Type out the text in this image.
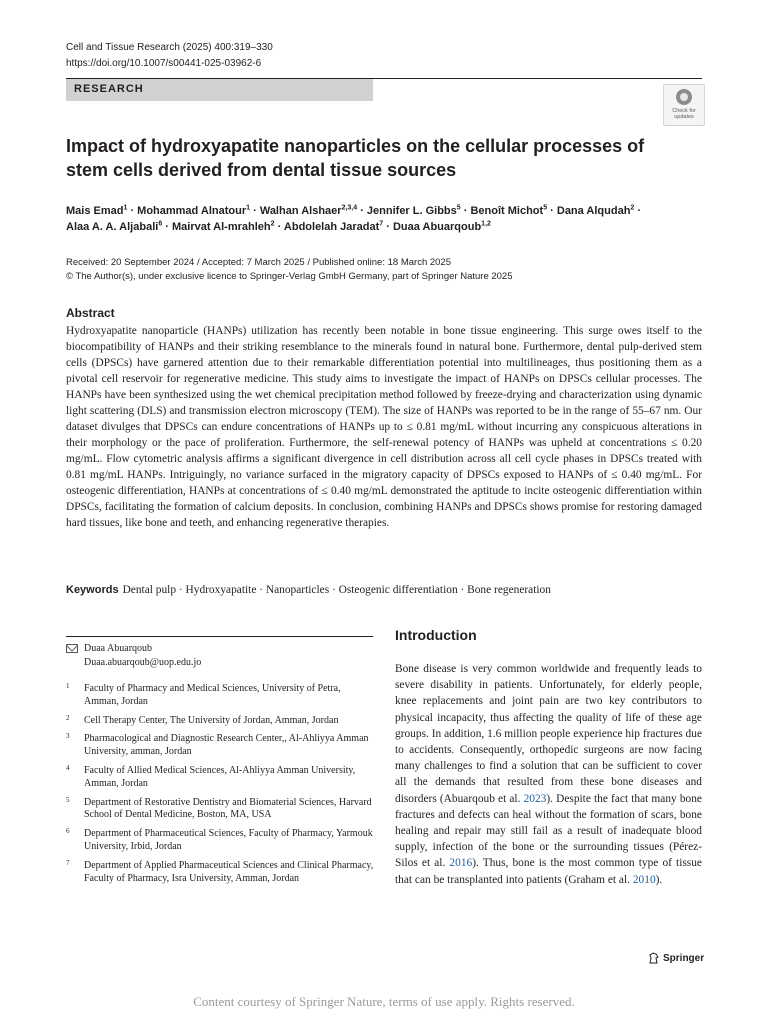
Cell and Tissue Research (2025) 400:319–330
https://doi.org/10.1007/s00441-025-03962-6
RESEARCH
Check for
updates
Impact of hydroxyapatite nanoparticles on the cellular processes of stem cells derived from dental tissue sources
Mais Emad$^1$ · Mohammad Alnatour$^1$ · Walhan Alshaer$^{2,3,4}$ · Jennifer L. Gibbs$^5$ · Benoît Michot$^5$ · Dana Alqudah$^2$ ·
Alaa A. A. Aljabali$^6$ · Mairvat Al-mrahleh$^2$ · Abdolelah Jaradat$^7$ · Duaa Abuarqoub$^{1,2}$
Received: 20 September 2024 / Accepted: 7 March 2025 / Published online: 18 March 2025
© The Author(s), under exclusive licence to Springer-Verlag GmbH Germany, part of Springer Nature 2025
Abstract
Hydroxyapatite nanoparticle (HANPs) utilization has recently been notable in bone tissue engineering. This surge owes itself to the biocompatibility of HANPs and their striking resemblance to the minerals found in natural bone. Furthermore, dental pulp-derived stem cells (DPSCs) have garnered attention due to their remarkable differentiation potential into multilineages, thus positioning them as a pivotal cell reservoir for regenerative medicine. This study aims to investigate the impact of HANPs on DPSCs cellular processes. The HANPs have been synthesized using the wet chemical precipitation method followed by freeze-drying and characterization using dynamic light scattering (DLS) and transmission electron microscopy (TEM). The size of HANPs was reported to be in the range of 55–67 nm. Our dataset divulges that DPSCs can endure concentrations of HANPs up to ≤ 0.81 mg/mL without incurring any conspicuous alterations in their morphology or the pace of proliferation. Furthermore, the self-renewal potency of HANPs was upheld at concentrations ≤ 0.20 mg/mL. Flow cytometric analysis affirms a significant divergence in cell distribution across all cell cycle phases in DPSCs treated with 0.81 mg/mL HANPs. Intriguingly, no variance surfaced in the migratory capacity of DPSCs exposed to HANPs of ≤ 0.40 mg/mL. For osteogenic differentiation, HANPs at concentrations of ≤ 0.40 mg/mL demonstrated the aptitude to incite osteogenic differentiation within DPSCs, facilitating the formation of calcium deposits. In conclusion, combining HANPs and DPSCs shows promise for restoring damaged hard tissues, like bone and teeth, and enhancing regenerative therapies.
Keywords Dental pulp · Hydroxyapatite · Nanoparticles · Osteogenic differentiation · Bone regeneration
Duaa Abuarqoub
Duaa.abuarqoub@uop.edu.jo
1 Faculty of Pharmacy and Medical Sciences, University of Petra, Amman, Jordan
2 Cell Therapy Center, The University of Jordan, Amman, Jordan
3 Pharmacological and Diagnostic Research Center,, Al-Ahliyya Amman University, amman, Jordan
4 Faculty of Allied Medical Sciences, Al-Ahliyya Amman University, Amman, Jordan
5 Department of Restorative Dentistry and Biomaterial Sciences, Harvard School of Dental Medicine, Boston, MA, USA
6 Department of Pharmaceutical Sciences, Faculty of Pharmacy, Yarmouk University, Irbid, Jordan
7 Department of Applied Pharmaceutical Sciences and Clinical Pharmacy, Faculty of Pharmacy, Isra University, Amman, Jordan
Introduction
Bone disease is very common worldwide and frequently leads to severe disability in patients. Unfortunately, for elderly people, knee replacements and joint pain are two key contributors to physical incapacity, thus affecting the quality of life of these age groups. In addition, 1.6 million people experience hip fractures due to accidents. Consequently, orthopedic surgeons are now facing many challenges to find a solution that can be sufficient to cover all the demands that resulted from these bone diseases and disorders (Abuarqoub et al. 2023). Despite the fact that many bone fractures and defects can heal without the formation of scars, bone healing and repair may still fail as a result of inadequate blood supply, infection of the bone or the surrounding tissues (Pérez-Silos et al. 2016). Thus, bone is the most common type of tissue that can be transplanted into patients (Graham et al. 2010).
Springer
Content courtesy of Springer Nature, terms of use apply. Rights reserved.
